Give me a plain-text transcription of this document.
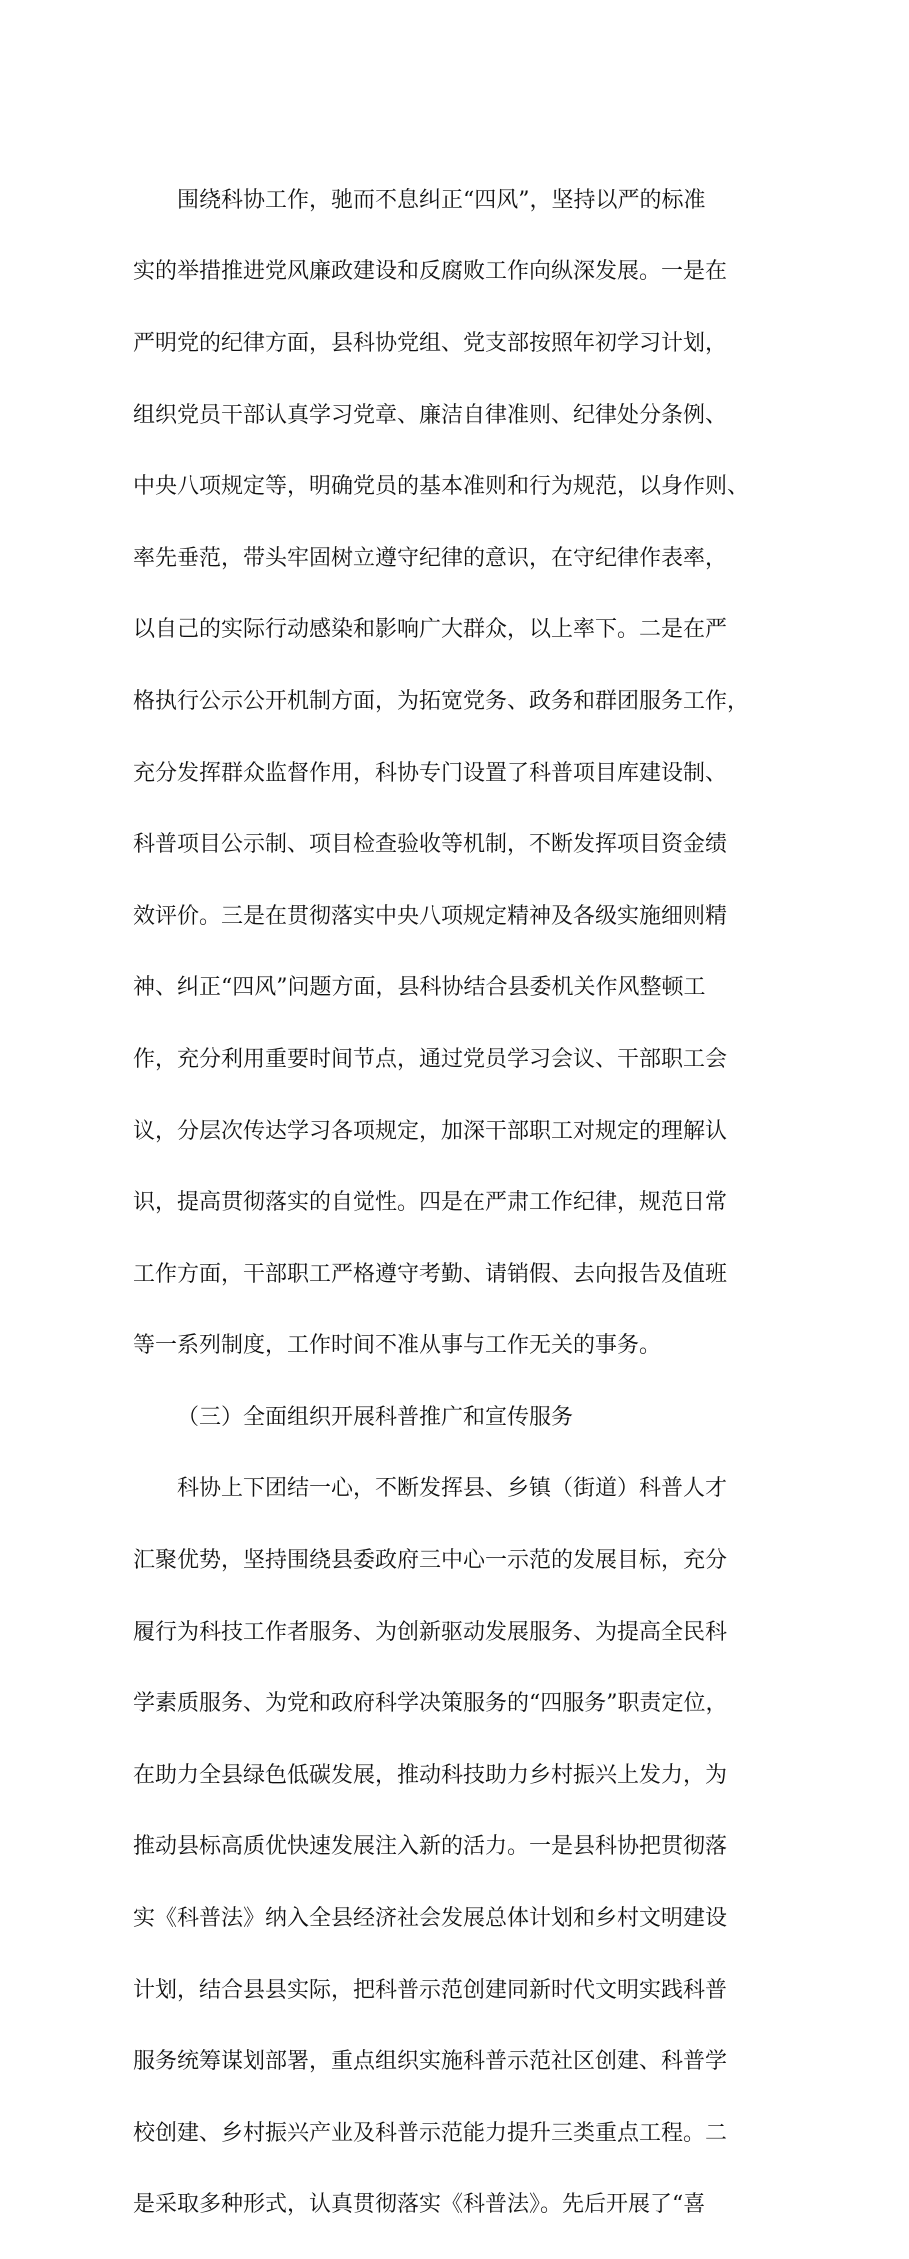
围绕科协工作，驰而不息纠正“四风”，坚持以严的标准

实的举措推进党风廉政建设和反腐败工作向纵深发展。一是在

严明党的纪律方面，县科协党组、党支部按照年初学习计划，

组织党员干部认真学习党章、廉洁自律准则、纪律处分条例、

中央八项规定等，明确党员的基本准则和行为规范，以身作则、

率先垂范，带头牢固树立遵守纪律的意识，在守纪律作表率，

以自己的实际行动感染和影响广大群众，以上率下。二是在严

格执行公示公开机制方面，为拓宽党务、政务和群团服务工作，

充分发挥群众监督作用，科协专门设置了科普项目库建设制、

科普项目公示制、项目检查验收等机制，不断发挥项目资金绩

效评价。三是在贯彻落实中央八项规定精神及各级实施细则精

神、纠正“四风”问题方面，县科协结合县委机关作风整顿工

作，充分利用重要时间节点，通过党员学习会议、干部职工会

议，分层次传达学习各项规定，加深干部职工对规定的理解认

识，提高贯彻落实的自觉性。四是在严肃工作纪律，规范日常

工作方面，干部职工严格遵守考勤、请销假、去向报告及值班

等一系列制度，工作时间不准从事与工作无关的事务。

（三）全面组织开展科普推广和宣传服务

科协上下团结一心，不断发挥县、乡镇（街道）科普人才

汇聚优势，坚持围绕县委政府三中心一示范的发展目标，充分

履行为科技工作者服务、为创新驱动发展服务、为提高全民科

学素质服务、为党和政府科学决策服务的“四服务”职责定位，

在助力全县绿色低碳发展，推动科技助力乡村振兴上发力，为

推动县标高质优快速发展注入新的活力。一是县科协把贯彻落

实《科普法》纳入全县经济社会发展总体计划和乡村文明建设

计划，结合县县实际，把科普示范创建同新时代文明实践科普

服务统筹谋划部署，重点组织实施科普示范社区创建、科普学

校创建、乡村振兴产业及科普示范能力提升三类重点工程。二

是采取多种形式，认真贯彻落实《科普法》。先后开展了“喜
